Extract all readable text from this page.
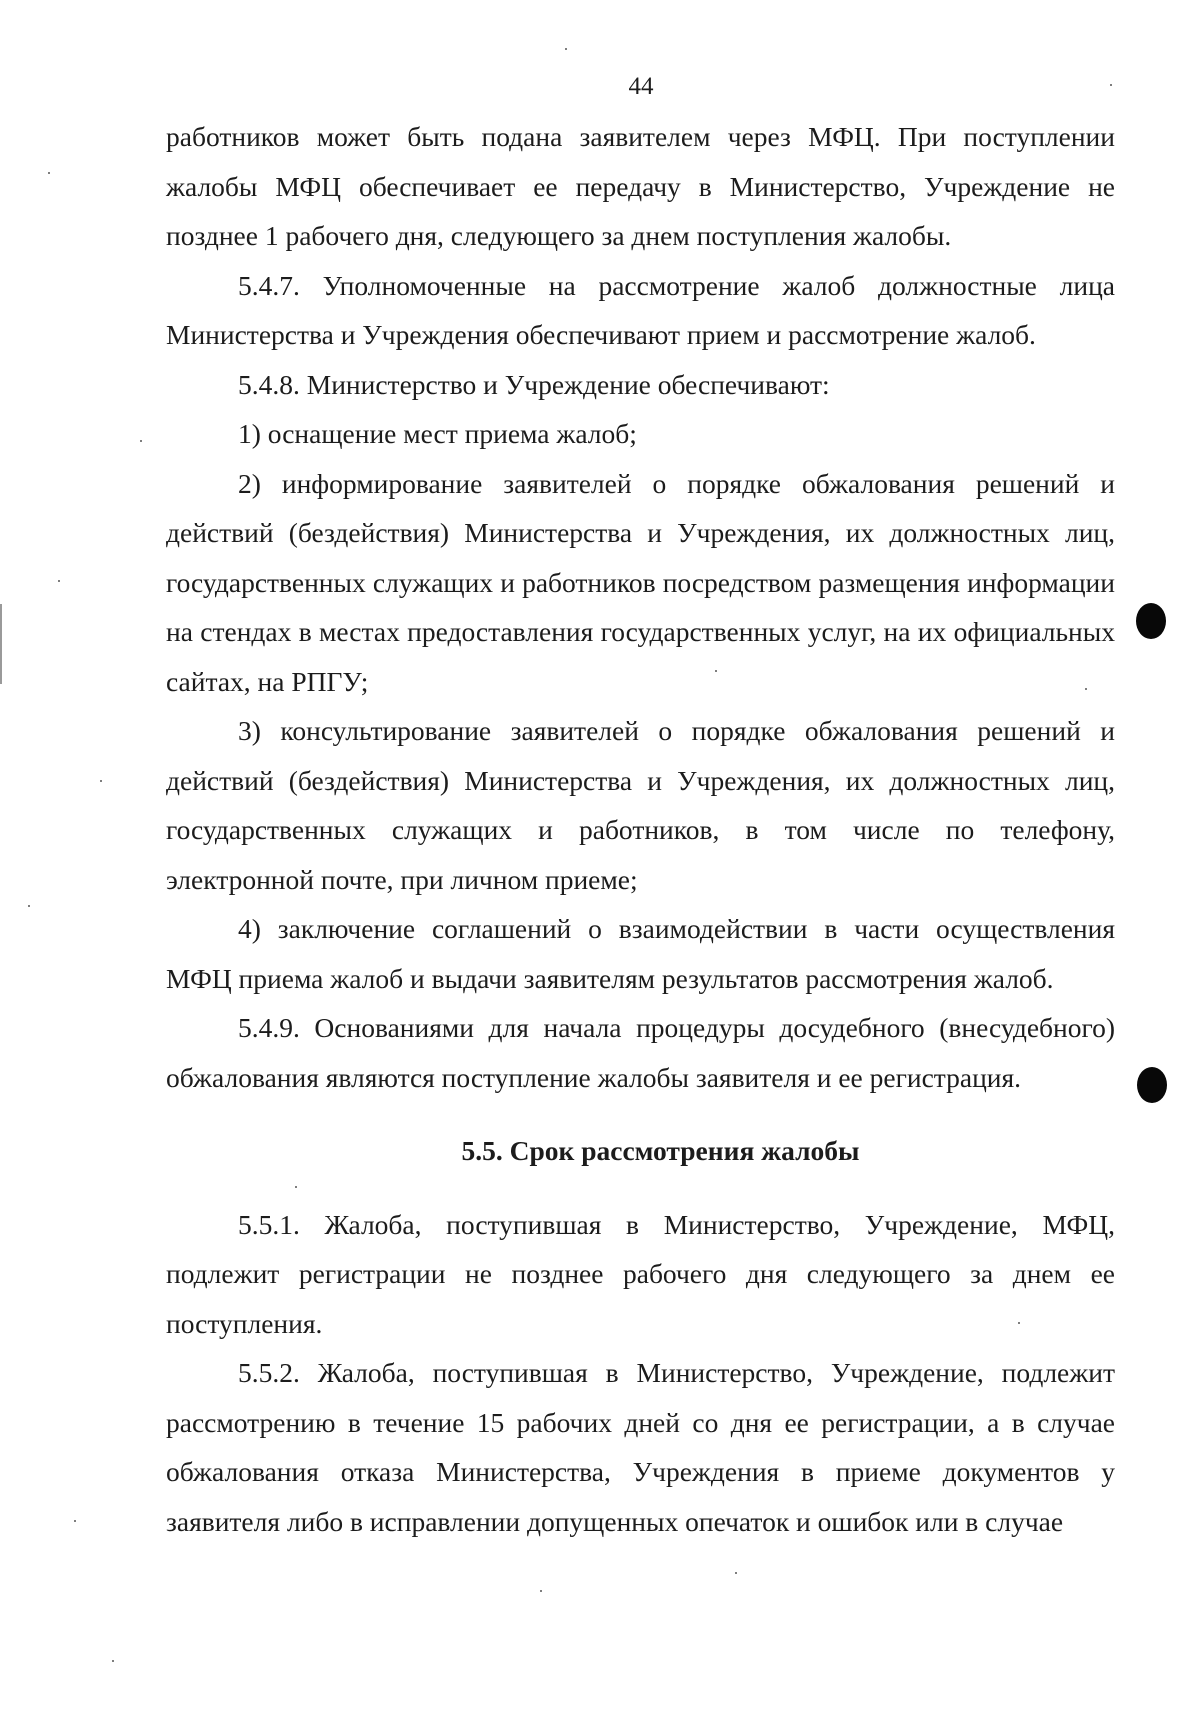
44

работников может быть подана заявителем через МФЦ. При поступлении жалобы МФЦ обеспечивает ее передачу в Министерство, Учреждение не позднее 1 рабочего дня, следующего за днем поступления жалобы.

5.4.7. Уполномоченные на рассмотрение жалоб должностные лица Министерства и Учреждения обеспечивают прием и рассмотрение жалоб.

5.4.8. Министерство и Учреждение обеспечивают:

1) оснащение мест приема жалоб;

2) информирование заявителей о порядке обжалования решений и действий (бездействия) Министерства и Учреждения, их должностных лиц, государственных служащих и работников посредством размещения информации на стендах в местах предоставления государственных услуг, на их официальных сайтах, на РПГУ;

3) консультирование заявителей о порядке обжалования решений и действий (бездействия) Министерства и Учреждения, их должностных лиц, государственных служащих и работников, в том числе по телефону, электронной почте, при личном приеме;

4) заключение соглашений о взаимодействии в части осуществления МФЦ приема жалоб и выдачи заявителям результатов рассмотрения жалоб.

5.4.9. Основаниями для начала процедуры досудебного (внесудебного) обжалования являются поступление жалобы заявителя и ее регистрация.

5.5. Срок рассмотрения жалобы

5.5.1. Жалоба, поступившая в Министерство, Учреждение, МФЦ, подлежит регистрации не позднее рабочего дня следующего за днем ее поступления.

5.5.2. Жалоба, поступившая в Министерство, Учреждение, подлежит рассмотрению в течение 15 рабочих дней со дня ее регистрации, а в случае обжалования отказа Министерства, Учреждения в приеме документов у заявителя либо в исправлении допущенных опечаток и ошибок или в случае
